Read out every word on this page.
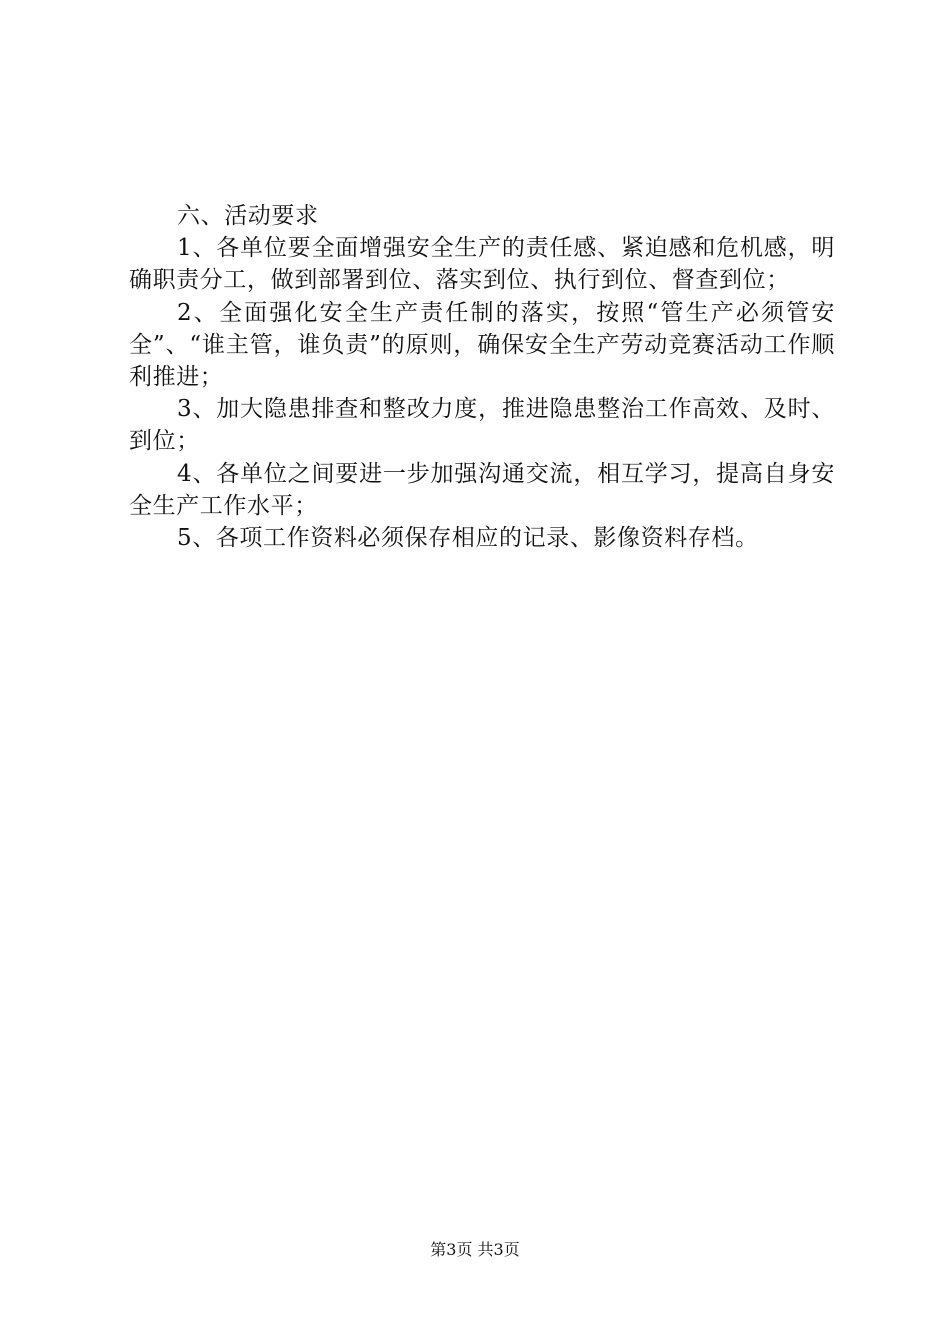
六、活动要求

1、各单位要全面增强安全生产的责任感、紧迫感和危机感，明确职责分工，做到部署到位、落实到位、执行到位、督查到位；

2、全面强化安全生产责任制的落实，按照“管生产必须管安全”、“谁主管，谁负责”的原则，确保安全生产劳动竞赛活动工作顺利推进；

3、加大隐患排查和整改力度，推进隐患整治工作高效、及时、到位；

4、各单位之间要进一步加强沟通交流，相互学习，提高自身安全生产工作水平；

5、各项工作资料必须保存相应的记录、影像资料存档。

第3页 共3页
